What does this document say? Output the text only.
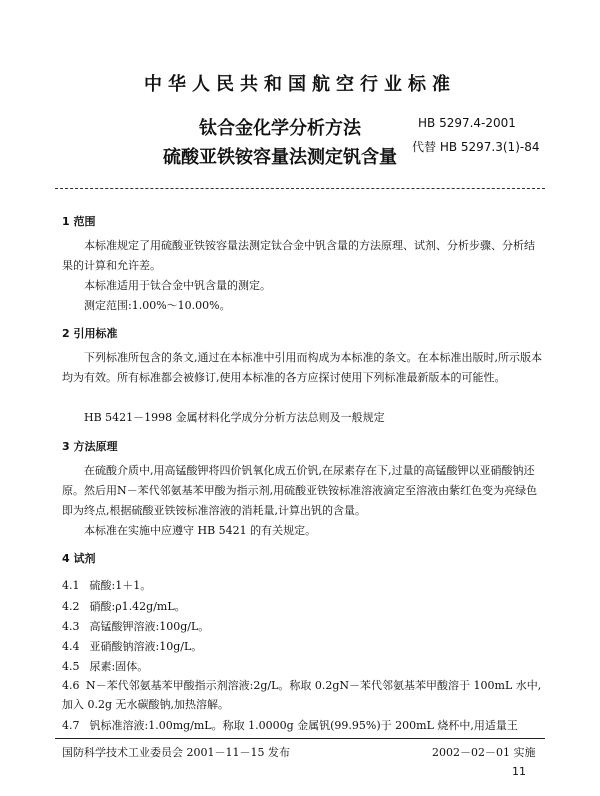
中华人民共和国航空行业标准
钛合金化学分析方法
硫酸亚铁铵容量法测定钒含量
HB 5297.4-2001
代替 HB 5297.3(1)-84
1 范围
本标准规定了用硫酸亚铁铵容量法测定钛合金中钒含量的方法原理、试剂、分析步骤、分析结果的计算和允许差。
本标准适用于钛合金中钒含量的测定。
测定范围:1.00%～10.00%。
2 引用标准
下列标准所包含的条文,通过在本标准中引用而构成为本标准的条文。在本标准出版时,所示版本均为有效。所有标准都会被修订,使用本标准的各方应探讨使用下列标准最新版本的可能性。
HB 5421－1998 金属材料化学成分分析方法总则及一般规定
3 方法原理
在硫酸介质中,用高锰酸钾将四价钒氧化成五价钒,在尿素存在下,过量的高锰酸钾以亚硝酸钠还原。然后用N－苯代邻氨基苯甲酸为指示剂,用硫酸亚铁铵标准溶液滴定至溶液由紫红色变为亮绿色即为终点,根据硫酸亚铁铵标准溶液的消耗量,计算出钒的含量。
本标准在实施中应遵守 HB 5421 的有关规定。
4 试剂
4.1 硫酸:1＋1。
4.2 硝酸:ρ1.42g/mL。
4.3 高锰酸钾溶液:100g/L。
4.4 亚硝酸钠溶液:10g/L。
4.5 尿素:固体。
4.6 N－苯代邻氨基苯甲酸指示剂溶液:2g/L。称取 0.2gN－苯代邻氨基苯甲酸溶于 100mL 水中,加入 0.2g 无水碳酸钠,加热溶解。
4.7 钒标准溶液:1.00mg/mL。称取 1.0000g 金属钒(99.95%)于 200mL 烧杯中,用适量王
国防科学技术工业委员会 2001－11－15 发布	2002－02－01 实施
11
